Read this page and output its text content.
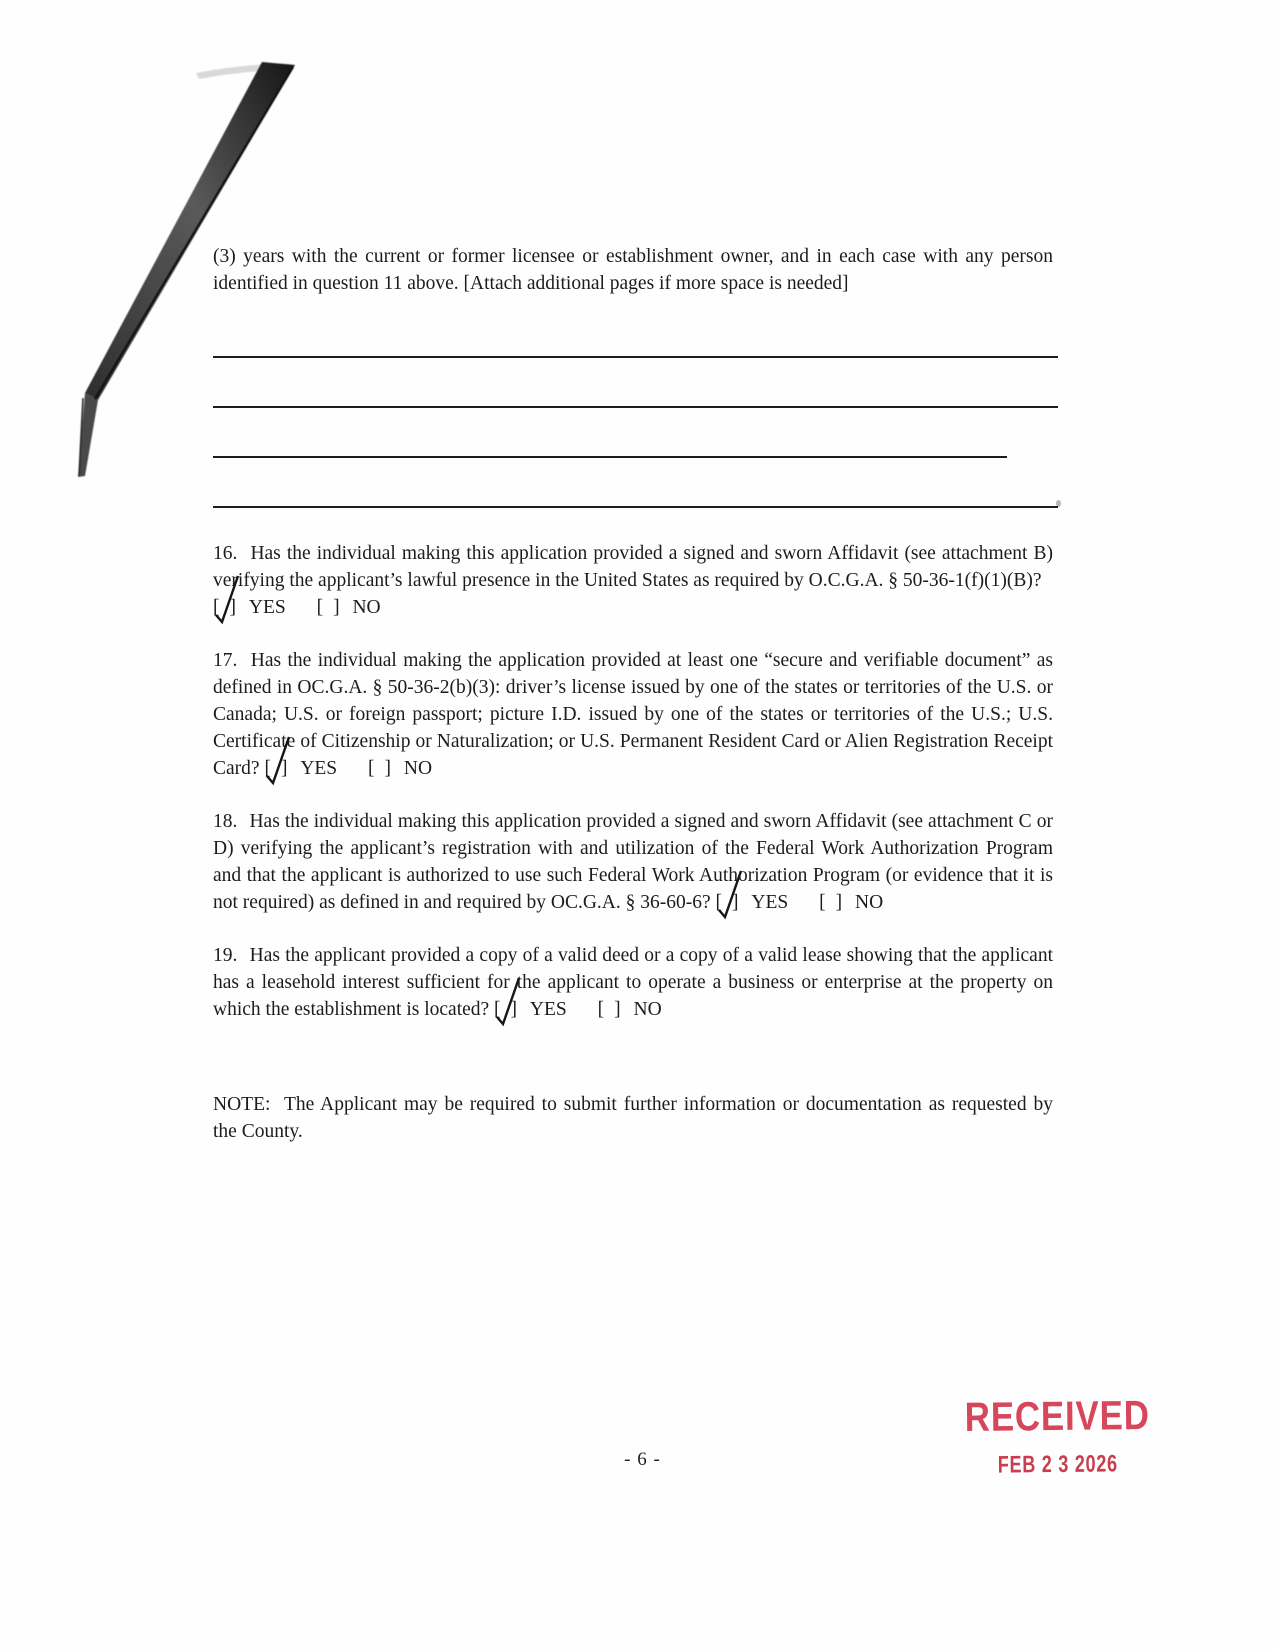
(3) years with the current or former licensee or establishment owner, and in each case with any person identified in question 11 above. [Attach additional pages if more space is needed]

16. Has the individual making this application provided a signed and sworn Affidavit (see attachment B) verifying the applicant’s lawful presence in the United States as required by O.C.G.A. § 50-36-1(f)(1)(B)?
[ ] YES [ ] NO

17. Has the individual making the application provided at least one “secure and verifiable document” as defined in OC.G.A. § 50-36-2(b)(3): driver’s license issued by one of the states or territories of the U.S. or Canada; U.S. or foreign passport; picture I.D. issued by one of the states or territories of the U.S.; U.S. Certificate of Citizenship or Naturalization; or U.S. Permanent Resident Card or Alien Registration Receipt Card? [ ] YES [ ] NO

18. Has the individual making this application provided a signed and sworn Affidavit (see attachment C or D) verifying the applicant’s registration with and utilization of the Federal Work Authorization Program and that the applicant is authorized to use such Federal Work Authorization Program (or evidence that it is not required) as defined in and required by OC.G.A. § 36-60-6? [ ] YES [ ] NO

19. Has the applicant provided a copy of a valid deed or a copy of a valid lease showing that the applicant has a leasehold interest sufficient for the applicant to operate a business or enterprise at the property on which the establishment is located? [ ] YES [ ] NO

NOTE: The Applicant may be required to submit further information or documentation as requested by the County.

- 6 -
RECEIVED
FEB 2 3 2026
